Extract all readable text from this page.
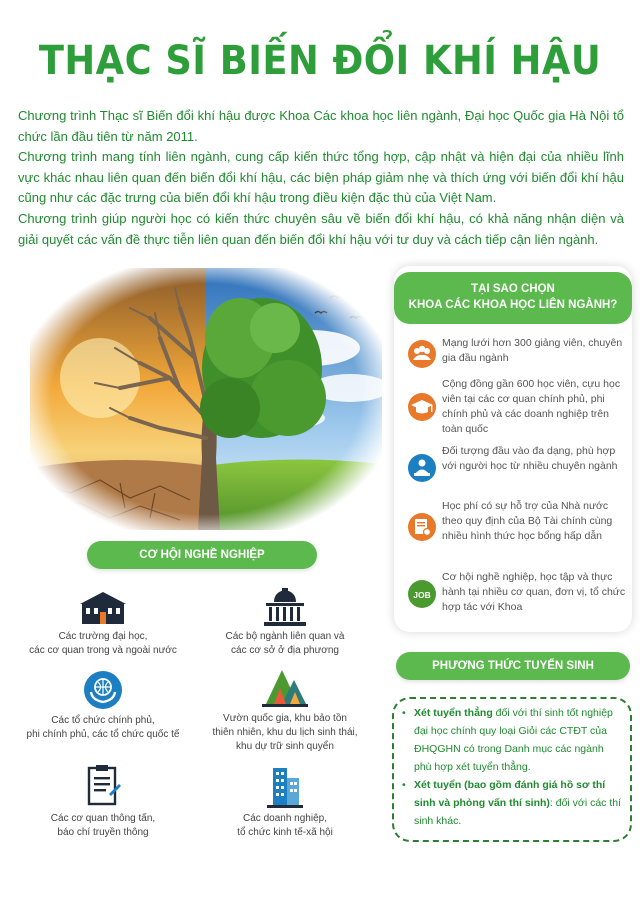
THẠC SĨ BIẾN ĐỔI KHÍ HẬU

Chương trình Thạc sĩ Biến đổi khí hậu được Khoa Các khoa học liên ngành, Đại học Quốc gia Hà Nội tổ chức lần đầu tiên từ năm 2011.

Chương trình mang tính liên ngành, cung cấp kiến thức tổng hợp, cập nhật và hiện đại của nhiều lĩnh vực khác nhau liên quan đến biến đổi khí hậu, các biện pháp giảm nhẹ và thích ứng với biến đổi khí hậu cũng như các đặc trưng của biến đổi khí hậu trong điều kiện đặc thù của Việt Nam.

Chương trình giúp người học có kiến thức chuyên sâu về biến đổi khí hậu, có khả năng nhận diện và giải quyết các vấn đề thực tiễn liên quan đến biến đổi khí hậu với tư duy và cách tiếp cận liên ngành.

CƠ HỘI NGHỀ NGHIỆP
Các trường đại học,
các cơ quan trong và ngoài nước
Các bộ ngành liên quan và
các cơ sở ở địa phương
Các tổ chức chính phủ,
phi chính phủ, các tổ chức quốc tế
Vườn quốc gia, khu bảo tồn
thiên nhiên, khu du lịch sinh thái,
khu dự trữ sinh quyển
Các cơ quan thông tấn,
báo chí truyền thông
Các doanh nghiệp,
tổ chức kinh tế-xã hội
TẠI SAO CHỌN
KHOA CÁC KHOA HỌC LIÊN NGÀNH?
Mạng lưới hơn 300 giảng viên, chuyên gia đầu ngành
Cộng đồng gần 600 học viên, cựu học viên tại các cơ quan chính phủ, phi chính phủ và các doanh nghiệp trên toàn quốc
Đối tượng đầu vào đa dạng, phù hợp với người học từ nhiều chuyên ngành
Học phí có sự hỗ trợ của Nhà nước theo quy định của Bộ Tài chính cùng nhiều hình thức học bổng hấp dẫn
JOB
Cơ hội nghề nghiệp, học tập và thực hành tại nhiều cơ quan, đơn vị, tổ chức hợp tác với Khoa
PHƯƠNG THỨC TUYỂN SINH
• Xét tuyển thẳng đối với thí sinh tốt nghiệp đại học chính quy loại Giỏi các CTĐT của ĐHQGHN có trong Danh mục các ngành phù hợp xét tuyển thẳng.
• Xét tuyển (bao gồm đánh giá hồ sơ thí sinh và phỏng vấn thí sinh): đối với các thí sinh khác.
